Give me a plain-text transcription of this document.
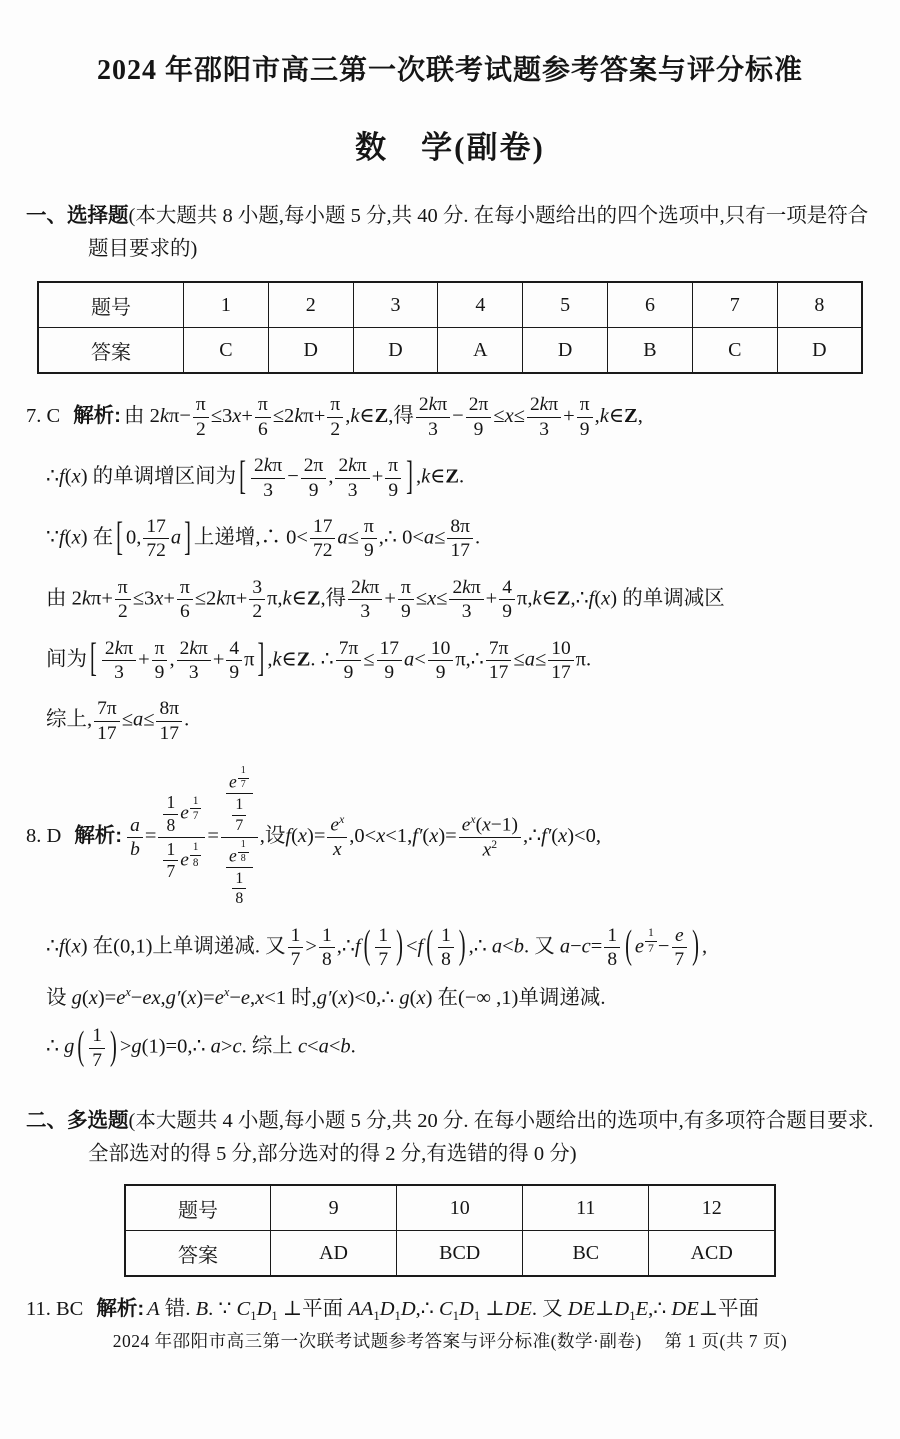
2024 年邵阳市高三第一次联考试题参考答案与评分标准
数　学(副卷)
一、选择题(本大题共 8 小题,每小题 5 分,共 40 分. 在每小题给出的四个选项中,只有一项是符合题目要求的)
题号	1	2	3	4	5	6	7	8
答案	C	D	D	A	D	B	C	D
7. C 解析: 由 $2k\pi- \frac{\pi}{2} \le 3x+ \frac{\pi}{6} \le 2k\pi+ \frac{\pi}{2}$ ,k∈Z,得 $\frac{2k\pi}{3} - \frac{2\pi}{9} \le x\le \frac{2k\pi}{3} + \frac{\pi}{9}$ ,k∈Z,
∴f(x) 的单调增区间为 [ $\frac{2k\pi}{3} - \frac{2\pi}{9}$ , $\frac{2k\pi}{3} + \frac{\pi}{9}$ ] ,k∈Z.
∵f(x) 在 [ 0, $\frac{17}{72}$ a ] 上递增,∴ $0< \frac{17}{72} a\le \frac{\pi}{9}$ ,∴ $0<a\le \frac{8\pi}{17}$ .
由 $2k\pi+ \frac{\pi}{2} \le 3x+ \frac{\pi}{6} \le 2k\pi+ \frac{3}{2}$ π,k∈Z,得 $\frac{2k\pi}{3} + \frac{\pi}{9} \le x\le \frac{2k\pi}{3} + \frac{4}{9}$ π,k∈Z,∴f(x) 的单调减区
间为 [ $\frac{2k\pi}{3} + \frac{\pi}{9}$ , $\frac{2k\pi}{3} + \frac{4}{9}$ π ] ,k∈Z. ∴ $\frac{7\pi}{9} \le \frac{17}{9} a< \frac{10}{9}$ π,∴ $\frac{7\pi}{17} \le a\le \frac{10}{17} \pi$.
综上, $\frac{7\pi}{17} \le a\le \frac{8\pi}{17}$ .
8. D 解析: $\frac{a}{b} = \frac{1}{8}$ e $^{\frac{1}{7}}$
$\frac{1}{7}$ e $^{\frac{1}{8}}$ = e $^{\frac{1}{7}}$
$\frac{1}{7}$
e $^{\frac{1}{8}}$
$\frac{1}{8}$ ,设$f(x)= \frac{e^x}{x} ,0<x<1,f'(x)= \frac{e^x(x-1)}{x^2}$ ,∴f′(x)<0,
∴f(x) 在(0,1)上单调递减. 又 $\frac{1}{7} > \frac{1}{8}$ ,∴f ( $\frac{1}{7}$ ) <f ( $\frac{1}{8}$ ) ,∴ a<b. 又 $a-c= \frac{1}{8}$ ( e $^{\frac{1}{7}} - \frac{e}{7}$ ) ,
设 $g(x)=e^x-ex,g'(x)=e^x-e,x<1$ 时,g′(x)<0,∴ g(x) 在(−∞ ,1)单调递减.
∴ g ( $\frac{1}{7}$ ) >g(1)=0,∴ a>c. 综上 c<a<b.
二、多选题(本大题共 4 小题,每小题 5 分,共 20 分. 在每小题给出的选项中,有多项符合题目要求. 全部选对的得 5 分,部分选对的得 2 分,有选错的得 0 分)
题号	9	10	11	12
答案	AD	BCD	BC	ACD
11. BC 解析: A 错. B. ∵ $C_1D_1$ ⊥平面 $AA_1D_1D,\therefore$ $C_1D_1$ ⊥DE. 又 $DE\perp D_1E,\therefore$ DE⊥平面
2024 年邵阳市高三第一次联考试题参考答案与评分标准(数学·副卷)　 第 1 页(共 7 页)
